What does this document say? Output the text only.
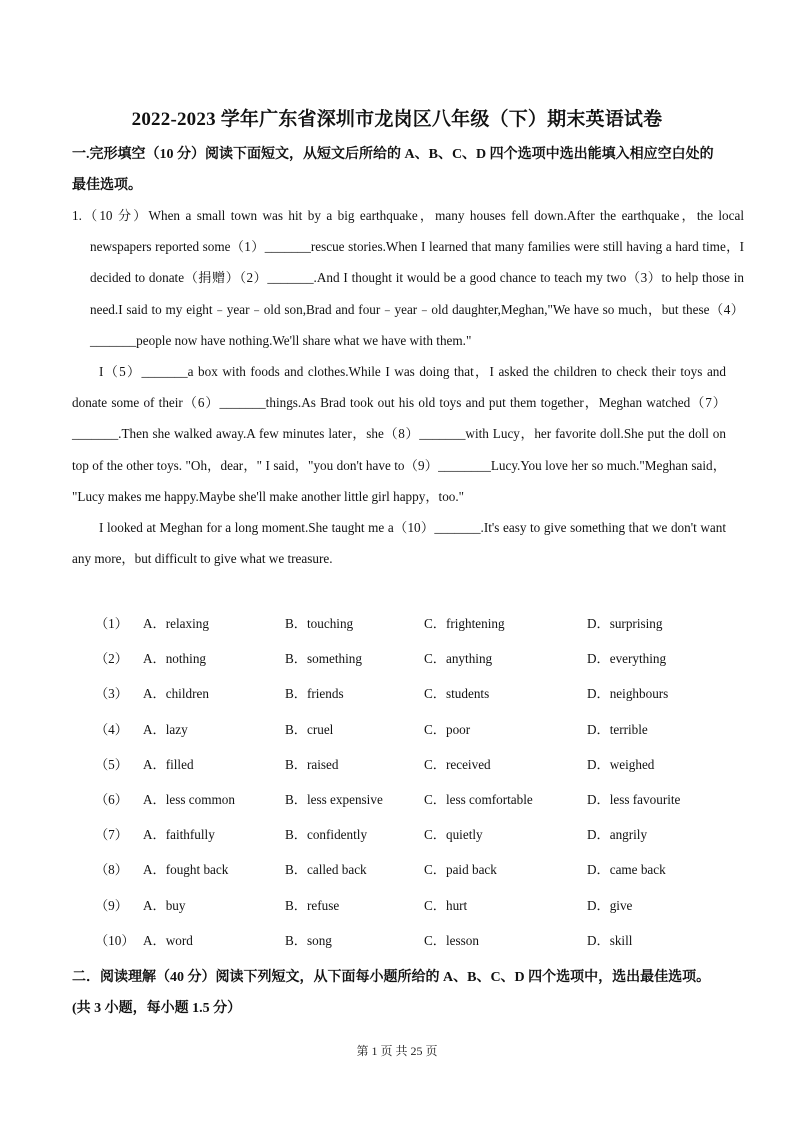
2022-2023 学年广东省深圳市龙岗区八年级（下）期末英语试卷
一.完形填空（10 分）阅读下面短文，从短文后所给的 A、B、C、D 四个选项中选出能填入相应空白处的最佳选项。
1.（10 分）When a small town was hit by a big earthquake，many houses fell down.After the earthquake，the local newspapers reported some（1）_______rescue stories.When I learned that many families were still having a hard time，I decided to donate（捐赠）（2）_______.And I thought it would be a good chance to teach my two（3）to help those in need.I said to my eight﹣year﹣old son,Brad and four﹣year﹣old daughter,Meghan,"We have so much，but these（4）_______people now have nothing.We'll share what we have with them."
I（5）_______a box with foods and clothes.While I was doing that，I asked the children to check their toys and donate some of their（6）_______things.As Brad took out his old toys and put them together，Meghan watched（7）_______.Then she walked away.A few minutes later，she（8）_______with Lucy，her favorite doll.She put the doll on top of the other toys. "Oh，dear，" I said，"you don't have to（9）________Lucy.You love her so much."Meghan said， "Lucy makes me happy.Maybe she'll make another little girl happy，too."
I looked at Meghan for a long moment.She taught me a（10）_______.It's easy to give something that we don't want any more，but difficult to give what we treasure.
（1） A．relaxing	B．touching	C．frightening	D．surprising
（2） A．nothing	B．something	C．anything	D．everything
（3） A．children	B．friends	C．students	D．neighbours
（4） A．lazy	B．cruel	C．poor	D．terrible
（5） A．filled	B．raised	C．received	D．weighed
（6） A．less common	B．less expensive	C．less comfortable	D．less favourite
（7） A．faithfully	B．confidently	C．quietly	D．angrily
（8） A．fought back	B．called back	C．paid back	D．came back
（9） A．buy	B．refuse	C．hurt	D．give
（10） A．word	B．song	C．lesson	D．skill
二．阅读理解（40 分）阅读下列短文，从下面每小题所给的 A、B、C、D 四个选项中，选出最佳选项。(共 3 小题，每小题 1.5 分）
第 1 页 共 25 页
